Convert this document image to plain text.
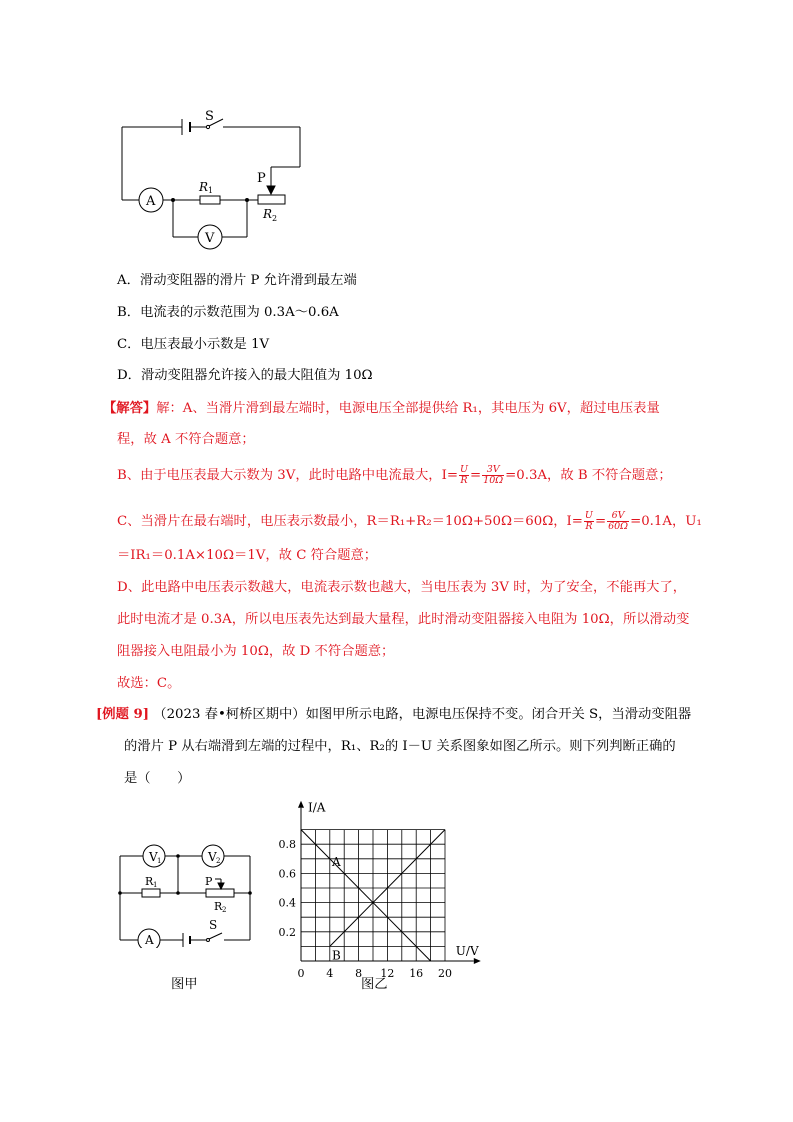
S
A
V
R 1
P
R 2
A．滑动变阻器的滑片 P 允许滑到最左端
B．电流表的示数范围为 0.3A～0.6A
C．电压表最小示数是 1V
D．滑动变阻器允许接入的最大阻值为 10Ω
【解答】解：A、当滑片滑到最左端时，电源电压全部提供给 R₁，其电压为 6V，超过电压表量
程，故 A 不符合题意；
B、由于电压表最大示数为 3V，此时电路中电流最大，$I= \frac{U}{R} = \frac{3V}{10\Omega} =0.3A$，故 B 不符合题意；
C、当滑片在最右端时，电压表示数最小，R＝R₁+R₂＝10Ω+50Ω＝60Ω，$I= \frac{U}{R} = \frac{6V}{60\Omega} =0.1A$，U₁
＝IR₁＝0.1A×10Ω＝1V，故 C 符合题意；
D、此电路中电压表示数越大，电流表示数也越大，当电压表为 3V 时，为了安全，不能再大了，
此时电流才是 0.3A，所以电压表先达到最大量程，此时滑动变阻器接入电阻为 10Ω，所以滑动变
阻器接入电阻最小为 10Ω，故 D 不符合题意；
故选：C。
[例题 9] （2023 春•柯桥区期中）如图甲所示电路，电源电压保持不变。闭合开关 S，当滑动变阻器
的滑片 P 从右端滑到左端的过程中，R₁、R₂的 I－U 关系图象如图乙所示。则下列判断正确的
是（　　）
V 1	V 2
R 1	P
R 2
A
S
图甲
A
B
0 4 8 12 16 20
0.2
0.4
0.6
0.8
I/A
U/V
图乙
